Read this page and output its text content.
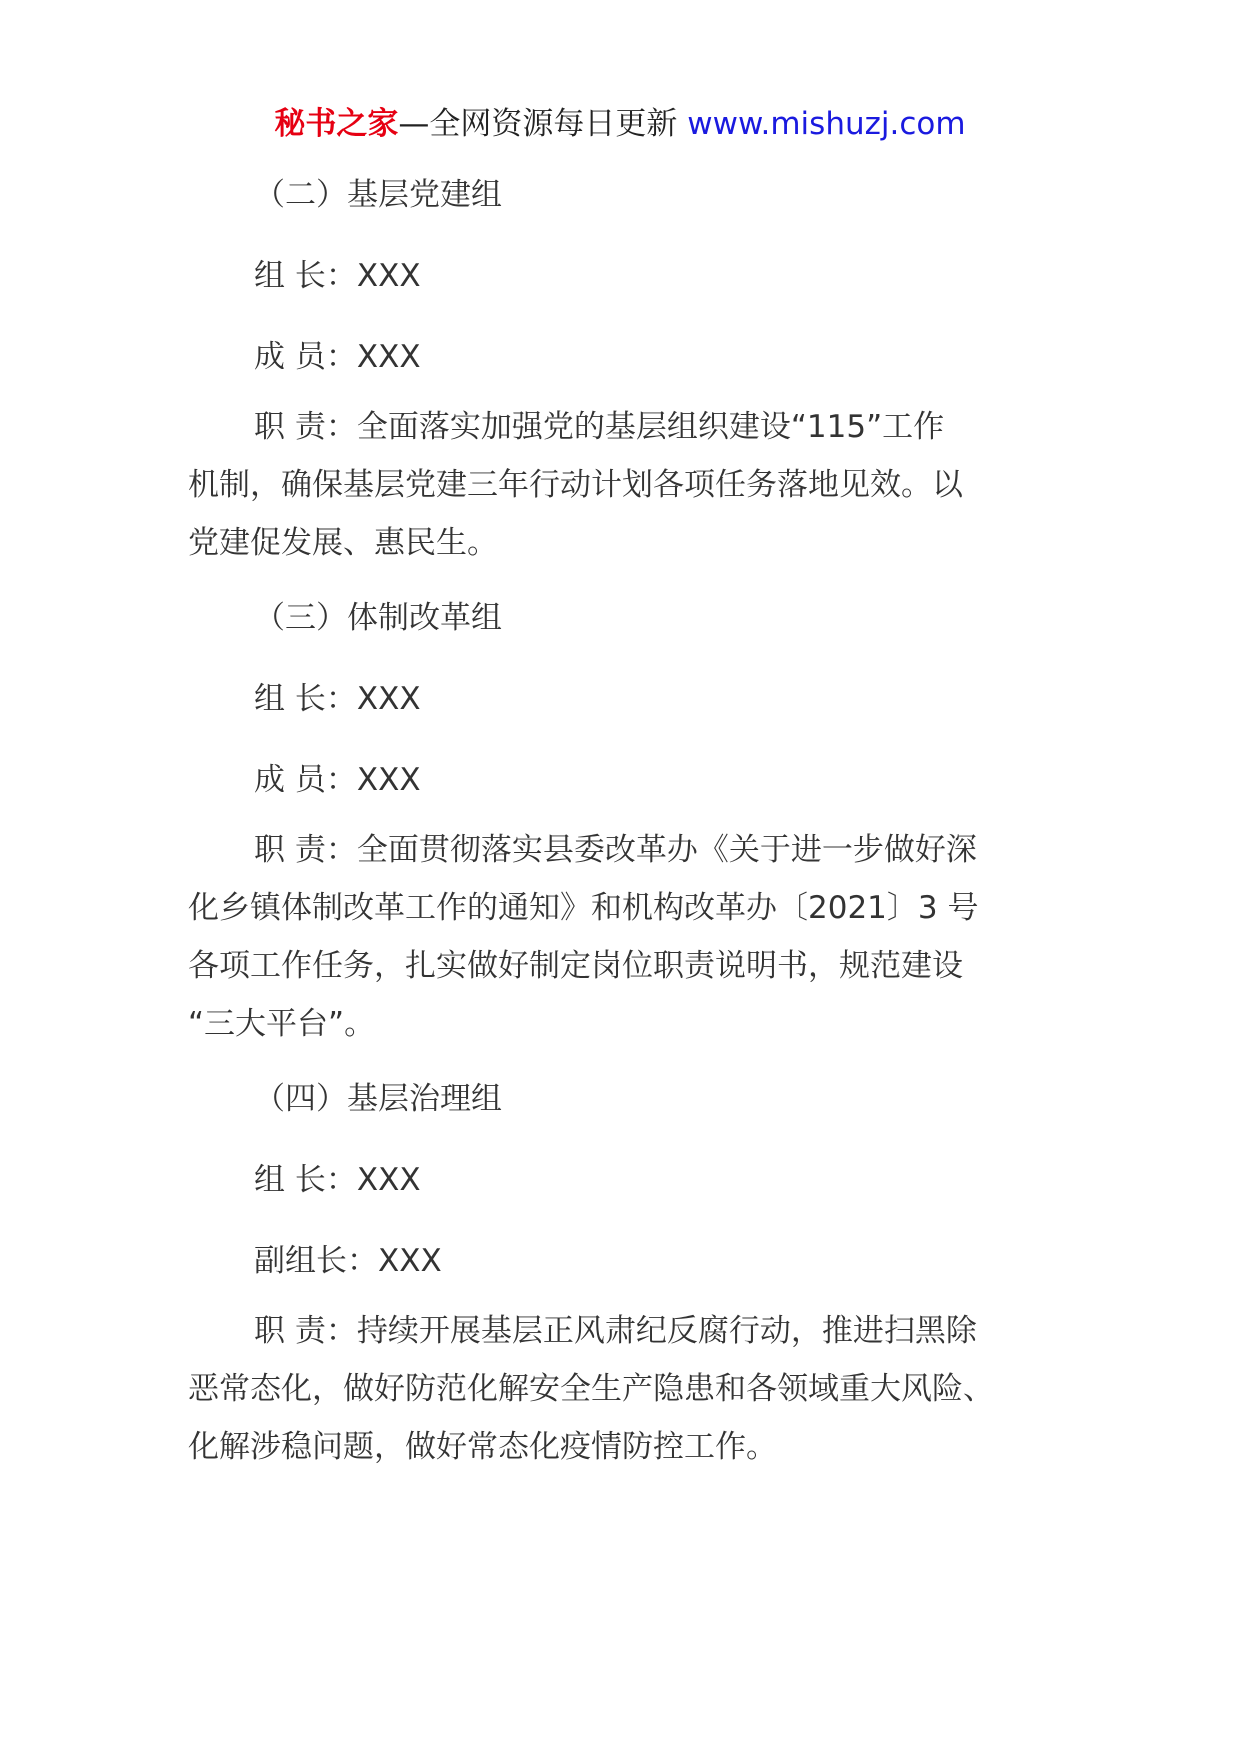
秘书之家—全网资源每日更新 www.mishuzj.com

（二）基层党建组

组 长：XXX

成 员：XXX

职 责：全面落实加强党的基层组织建设“115”工作
机制，确保基层党建三年行动计划各项任务落地见效。以
党建促发展、惠民生。

（三）体制改革组

组 长：XXX

成 员：XXX

职 责：全面贯彻落实县委改革办《关于进一步做好深
化乡镇体制改革工作的通知》和机构改革办〔2021〕3 号
各项工作任务，扎实做好制定岗位职责说明书，规范建设
“三大平台”。

（四）基层治理组

组 长：XXX

副组长：XXX

职 责：持续开展基层正风肃纪反腐行动，推进扫黑除
恶常态化，做好防范化解安全生产隐患和各领域重大风险、
化解涉稳问题，做好常态化疫情防控工作。
